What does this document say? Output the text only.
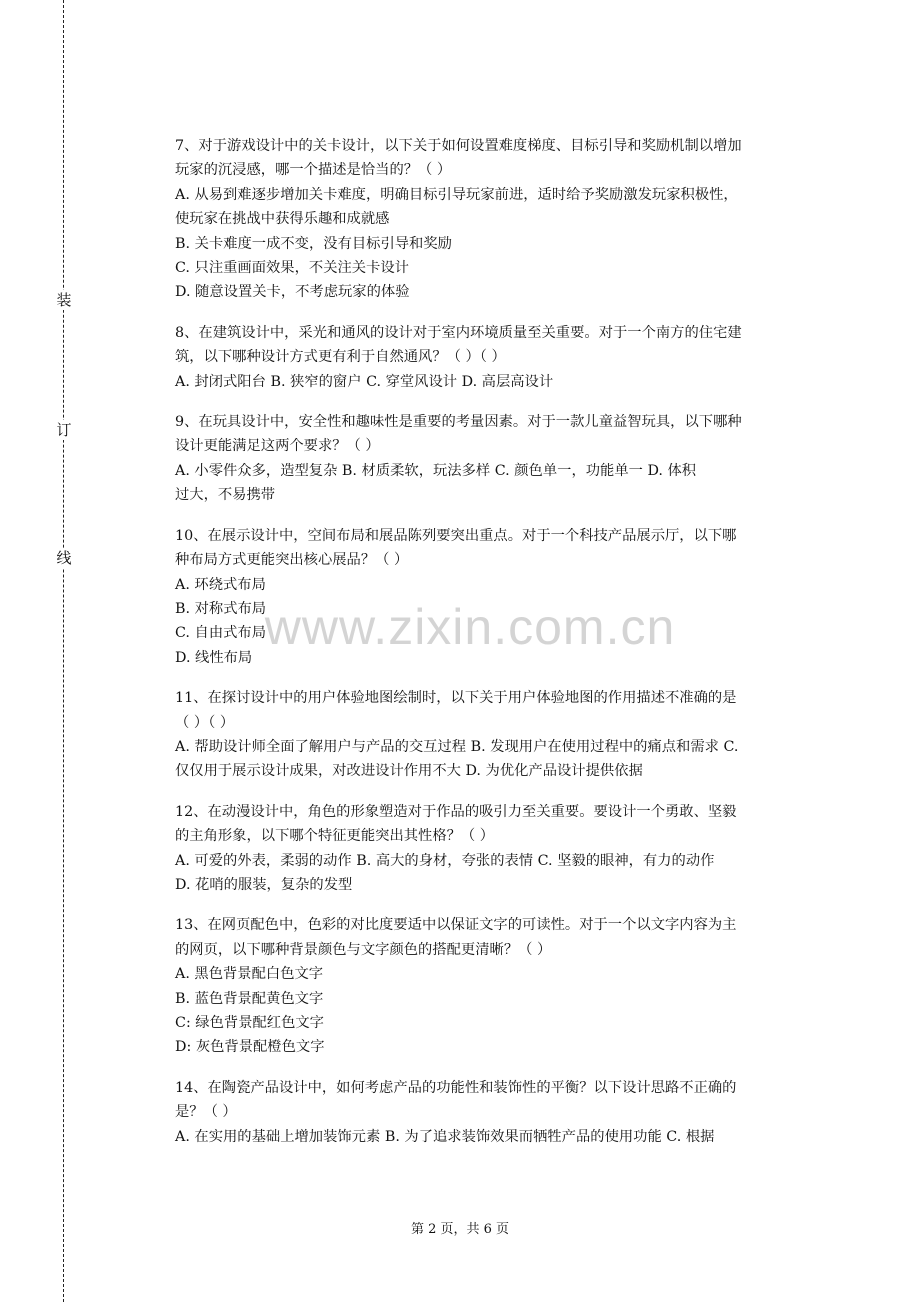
装
订
线
www.zixin.com.cn
7、对于游戏设计中的关卡设计，以下关于如何设置难度梯度、目标引导和奖励机制以增加
玩家的沉浸感，哪一个描述是恰当的？（ ）
A. 从易到难逐步增加关卡难度，明确目标引导玩家前进，适时给予奖励激发玩家积极性，
使玩家在挑战中获得乐趣和成就感
B. 关卡难度一成不变，没有目标引导和奖励
C. 只注重画面效果，不关注关卡设计
D. 随意设置关卡，不考虑玩家的体验
8、在建筑设计中，采光和通风的设计对于室内环境质量至关重要。对于一个南方的住宅建
筑，以下哪种设计方式更有利于自然通风？（ ）（ ）
A. 封闭式阳台 B. 狭窄的窗户 C. 穿堂风设计 D. 高层高设计
9、在玩具设计中，安全性和趣味性是重要的考量因素。对于一款儿童益智玩具，以下哪种
设计更能满足这两个要求？（ ）
A. 小零件众多，造型复杂 B. 材质柔软，玩法多样 C. 颜色单一，功能单一 D. 体积
过大，不易携带
10、在展示设计中，空间布局和展品陈列要突出重点。对于一个科技产品展示厅，以下哪
种布局方式更能突出核心展品？（ ）
A. 环绕式布局
B. 对称式布局
C. 自由式布局
D. 线性布局
11、在探讨设计中的用户体验地图绘制时，以下关于用户体验地图的作用描述不准确的是
（ ）（ ）
A. 帮助设计师全面了解用户与产品的交互过程 B. 发现用户在使用过程中的痛点和需求 C.
仅仅用于展示设计成果，对改进设计作用不大 D. 为优化产品设计提供依据
12、在动漫设计中，角色的形象塑造对于作品的吸引力至关重要。要设计一个勇敢、坚毅
的主角形象，以下哪个特征更能突出其性格？（ ）
A. 可爱的外表，柔弱的动作 B. 高大的身材，夸张的表情 C. 坚毅的眼神，有力的动作
D. 花哨的服装，复杂的发型
13、在网页配色中，色彩的对比度要适中以保证文字的可读性。对于一个以文字内容为主
的网页，以下哪种背景颜色与文字颜色的搭配更清晰？（ ）
A. 黑色背景配白色文字
B. 蓝色背景配黄色文字
C: 绿色背景配红色文字
D: 灰色背景配橙色文字
14、在陶瓷产品设计中，如何考虑产品的功能性和装饰性的平衡？以下设计思路不正确的
是？（ ）
A. 在实用的基础上增加装饰元素 B. 为了追求装饰效果而牺牲产品的使用功能 C. 根据
第 2 页，共 6 页
